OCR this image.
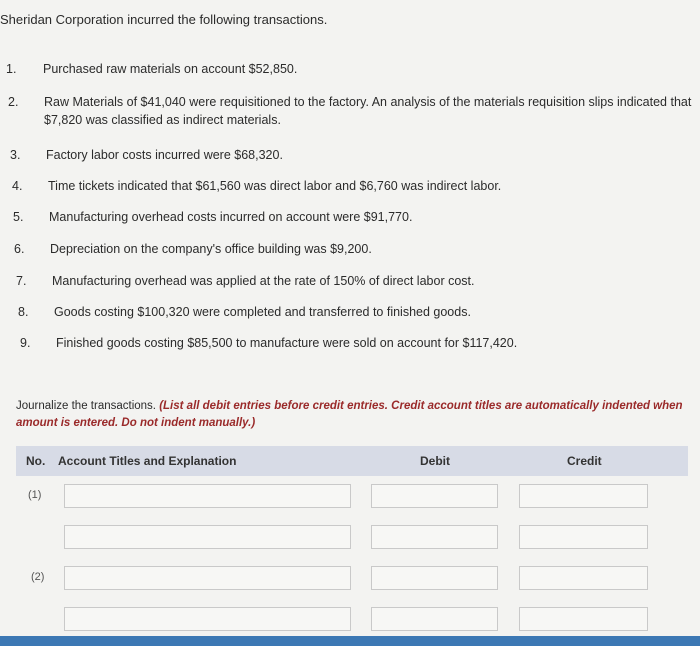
Sheridan Corporation incurred the following transactions.
1. Purchased raw materials on account $52,850.
2. Raw Materials of $41,040 were requisitioned to the factory. An analysis of the materials requisition slips indicated that
$7,820 was classified as indirect materials.
3. Factory labor costs incurred were $68,320.
4. Time tickets indicated that $61,560 was direct labor and $6,760 was indirect labor.
5. Manufacturing overhead costs incurred on account were $91,770.
6. Depreciation on the company's office building was $9,200.
7. Manufacturing overhead was applied at the rate of 150% of direct labor cost.
8. Goods costing $100,320 were completed and transferred to finished goods.
9. Finished goods costing $85,500 to manufacture were sold on account for $117,420.
Journalize the transactions. (List all debit entries before credit entries. Credit account titles are automatically indented when amount is entered. Do not indent manually.)
No. Account Titles and Explanation	Debit	Credit
(1)
(2)
